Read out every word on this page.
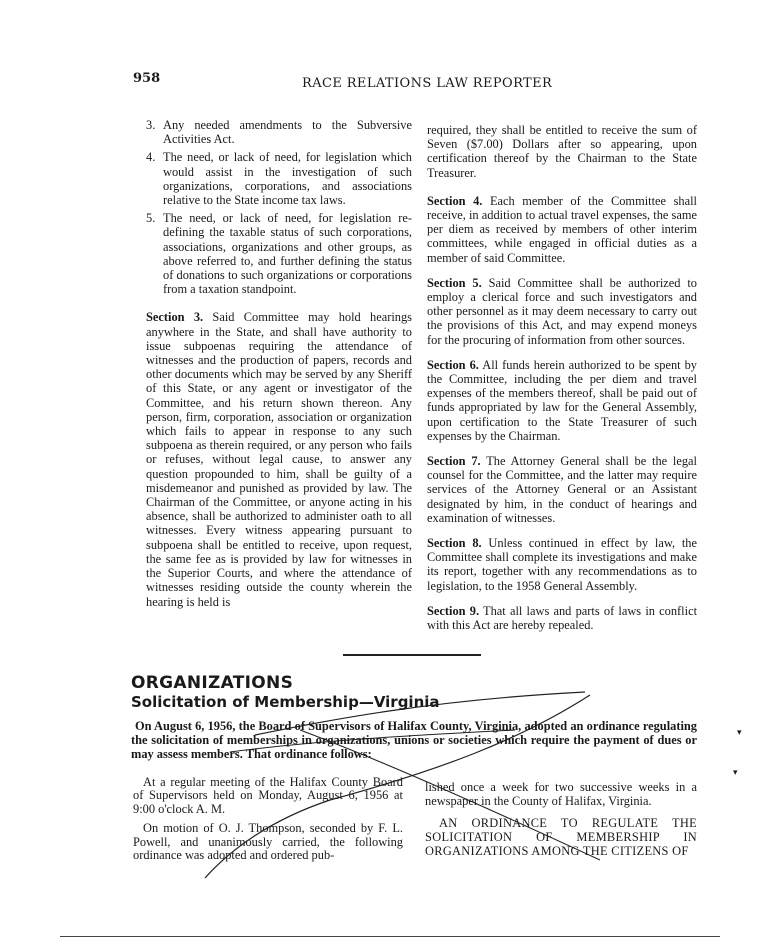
958	RACE RELATIONS LAW REPORTER
3. Any needed amendments to the Subversive Activities Act.
4. The need, or lack of need, for legislation which would assist in the investigation of such organizations, corporations, and associations relative to the State income tax laws.
5. The need, or lack of need, for legislation re-defining the taxable status of such corporations, associations, organizations and other groups, as above referred to, and further defining the status of donations to such organizations or corporations from a taxation standpoint.

Section 3. Said Committee may hold hearings anywhere in the State, and shall have authority to issue subpoenas requiring the attendance of witnesses and the production of papers, records and other documents which may be served by any Sheriff of this State, or any agent or investigator of the Committee, and his return shown thereon. Any person, firm, corporation, association or organization which fails to appear in response to any such subpoena as therein required, or any person who fails or refuses, without legal cause, to answer any question propounded to him, shall be guilty of a misdemeanor and punished as provided by law. The Chairman of the Committee, or anyone acting in his absence, shall be authorized to administer oath to all witnesses. Every witness appearing pursuant to subpoena shall be entitled to receive, upon request, the same fee as is provided by law for witnesses in the Superior Courts, and where the attendance of witnesses residing outside the county wherein the hearing is held is

required, they shall be entitled to receive the sum of Seven ($7.00) Dollars after so appearing, upon certification thereof by the Chairman to the State Treasurer.

Section 4. Each member of the Committee shall receive, in addition to actual travel expenses, the same per diem as received by members of other interim committees, while engaged in official duties as a member of said Committee.

Section 5. Said Committee shall be authorized to employ a clerical force and such investigators and other personnel as it may deem necessary to carry out the provisions of this Act, and may expend moneys for the procuring of information from other sources.

Section 6. All funds herein authorized to be spent by the Committee, including the per diem and travel expenses of the members thereof, shall be paid out of funds appropriated by law for the General Assembly, upon certification to the State Treasurer of such expenses by the Chairman.

Section 7. The Attorney General shall be the legal counsel for the Committee, and the latter may require services of the Attorney General or an Assistant designated by him, in the conduct of hearings and examination of witnesses.

Section 8. Unless continued in effect by law, the Committee shall complete its investigations and make its report, together with any recommendations as to legislation, to the 1958 General Assembly.

Section 9. That all laws and parts of laws in conflict with this Act are hereby repealed.

ORGANIZATIONS
Solicitation of Membership—Virginia
On August 6, 1956, the Board of Supervisors of Halifax County, Virginia, adopted an ordinance regulating the solicitation of memberships in organizations, unions or societies which require the payment of dues or may assess members. That ordinance follows:

At a regular meeting of the Halifax County Board of Supervisors held on Monday, August 6, 1956 at 9:00 o'clock A. M.

On motion of O. J. Thompson, seconded by F. L. Powell, and unanimously carried, the following ordinance was adopted and ordered pub-

lished once a week for two successive weeks in a newspaper in the County of Halifax, Virginia.

AN ORDINANCE TO REGULATE THE SOLICITATION OF MEMBERSHIP IN ORGANIZATIONS AMONG THE CITIZENS OF

▾
▾
